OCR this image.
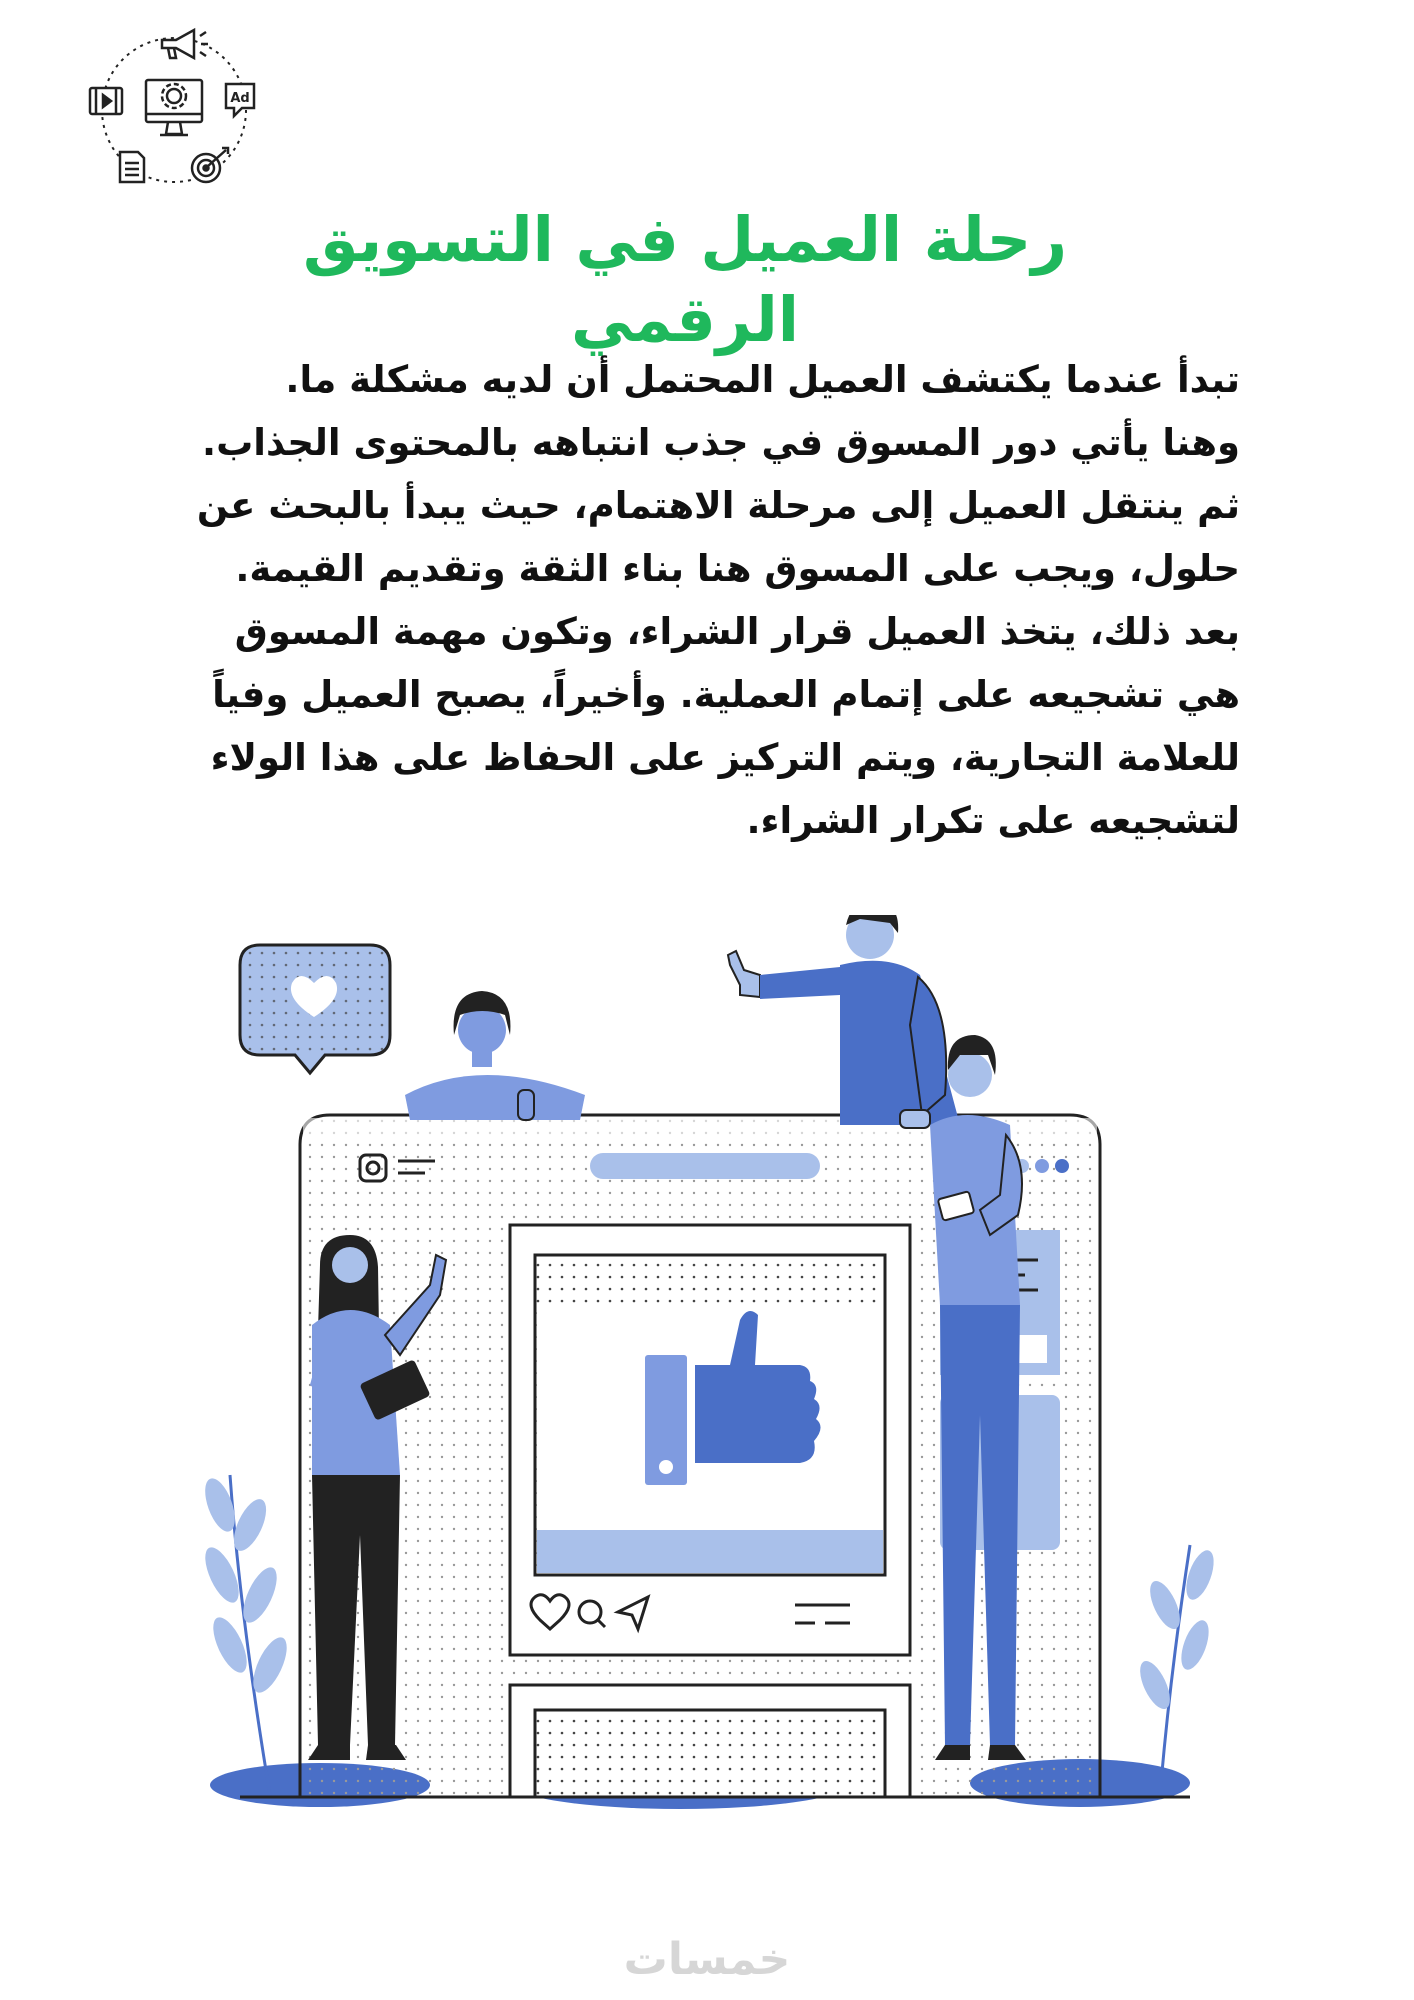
Ad
رحلة العميل في التسويق الرقمي

تبدأ عندما يكتشف العميل المحتمل أن لديه مشكلة ما. وهنا يأتي دور المسوق في جذب انتباهه بالمحتوى الجذاب. ثم ينتقل العميل إلى مرحلة الاهتمام، حيث يبدأ بالبحث عن حلول، ويجب على المسوق هنا بناء الثقة وتقديم القيمة. بعد ذلك، يتخذ العميل قرار الشراء، وتكون مهمة المسوق هي تشجيعه على إتمام العملية. وأخيراً، يصبح العميل وفياً للعلامة التجارية، ويتم التركيز على الحفاظ على هذا الولاء لتشجيعه على تكرار الشراء.

خمسات
